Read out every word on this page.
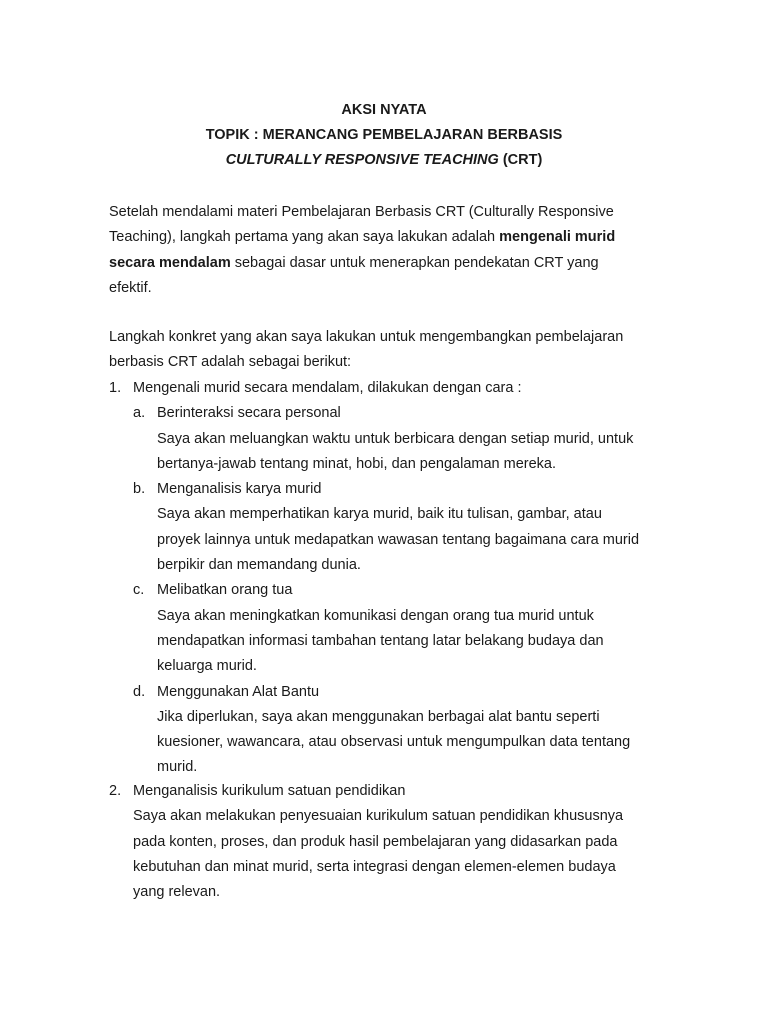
AKSI NYATA
TOPIK : MERANCANG PEMBELAJARAN BERBASIS
CULTURALLY RESPONSIVE TEACHING (CRT)
Setelah mendalami materi Pembelajaran Berbasis CRT (Culturally Responsive
Teaching), langkah pertama yang akan saya lakukan adalah mengenali murid
secara mendalam sebagai dasar untuk menerapkan pendekatan CRT yang
efektif.
Langkah konkret yang akan saya lakukan untuk mengembangkan pembelajaran
berbasis CRT adalah sebagai berikut:
1. Mengenali murid secara mendalam, dilakukan dengan cara :
a. Berinteraksi secara personal
Saya akan meluangkan waktu untuk berbicara dengan setiap murid, untuk
bertanya-jawab tentang minat, hobi, dan pengalaman mereka.
b. Menganalisis karya murid
Saya akan memperhatikan karya murid, baik itu tulisan, gambar, atau
proyek lainnya untuk medapatkan wawasan tentang bagaimana cara murid
berpikir dan memandang dunia.
c. Melibatkan orang tua
Saya akan meningkatkan komunikasi dengan orang tua murid untuk
mendapatkan informasi tambahan tentang latar belakang budaya dan
keluarga murid.
d. Menggunakan Alat Bantu
Jika diperlukan, saya akan menggunakan berbagai alat bantu seperti
kuesioner, wawancara, atau observasi untuk mengumpulkan data tentang
murid.
2. Menganalisis kurikulum satuan pendidikan
Saya akan melakukan penyesuaian kurikulum satuan pendidikan khususnya
pada konten, proses, dan produk hasil pembelajaran yang didasarkan pada
kebutuhan dan minat murid, serta integrasi dengan elemen-elemen budaya
yang relevan.
